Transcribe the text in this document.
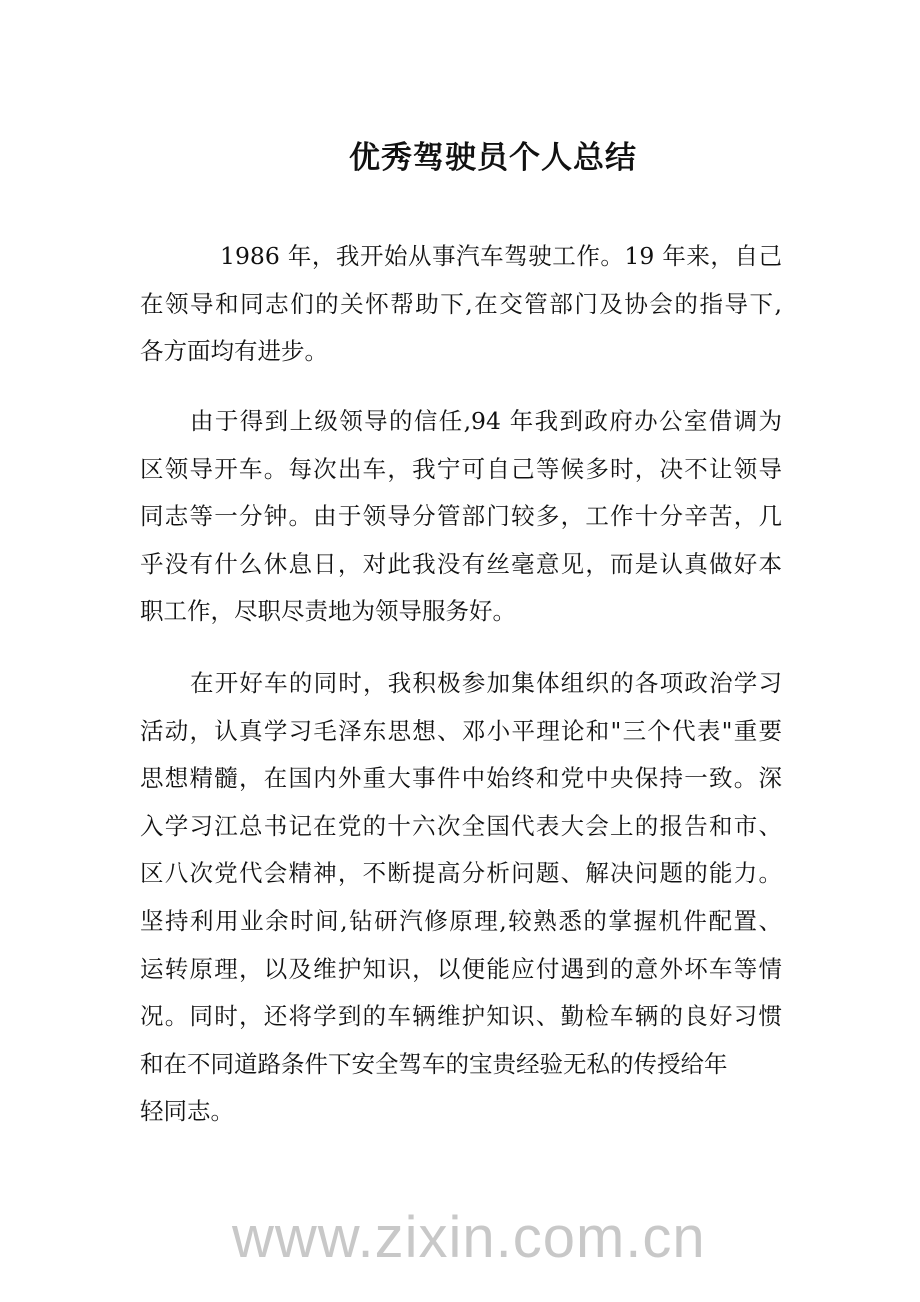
www.zixin.com.cn
优秀驾驶员个人总结
1986 年，我开始从事汽车驾驶工作。19 年来，自己
在领导和同志们的关怀帮助下,在交管部门及协会的指导下,
各方面均有进步。
由于得到上级领导的信任,94 年我到政府办公室借调为
区领导开车。每次出车，我宁可自己等候多时，决不让领导
同志等一分钟。由于领导分管部门较多，工作十分辛苦，几
乎没有什么休息日，对此我没有丝毫意见，而是认真做好本
职工作，尽职尽责地为领导服务好。
在开好车的同时，我积极参加集体组织的各项政治学习
活动，认真学习毛泽东思想、邓小平理论和"三个代表"重要
思想精髓，在国内外重大事件中始终和党中央保持一致。深
入学习江总书记在党的十六次全国代表大会上的报告和市、
区八次党代会精神，不断提高分析问题、解决问题的能力。
坚持利用业余时间,钻研汽修原理,较熟悉的掌握机件配置、
运转原理，以及维护知识，以便能应付遇到的意外坏车等情
况。同时，还将学到的车辆维护知识、勤检车辆的良好习惯
和在不同道路条件下安全驾车的宝贵经验无私的传授给年
轻同志。
